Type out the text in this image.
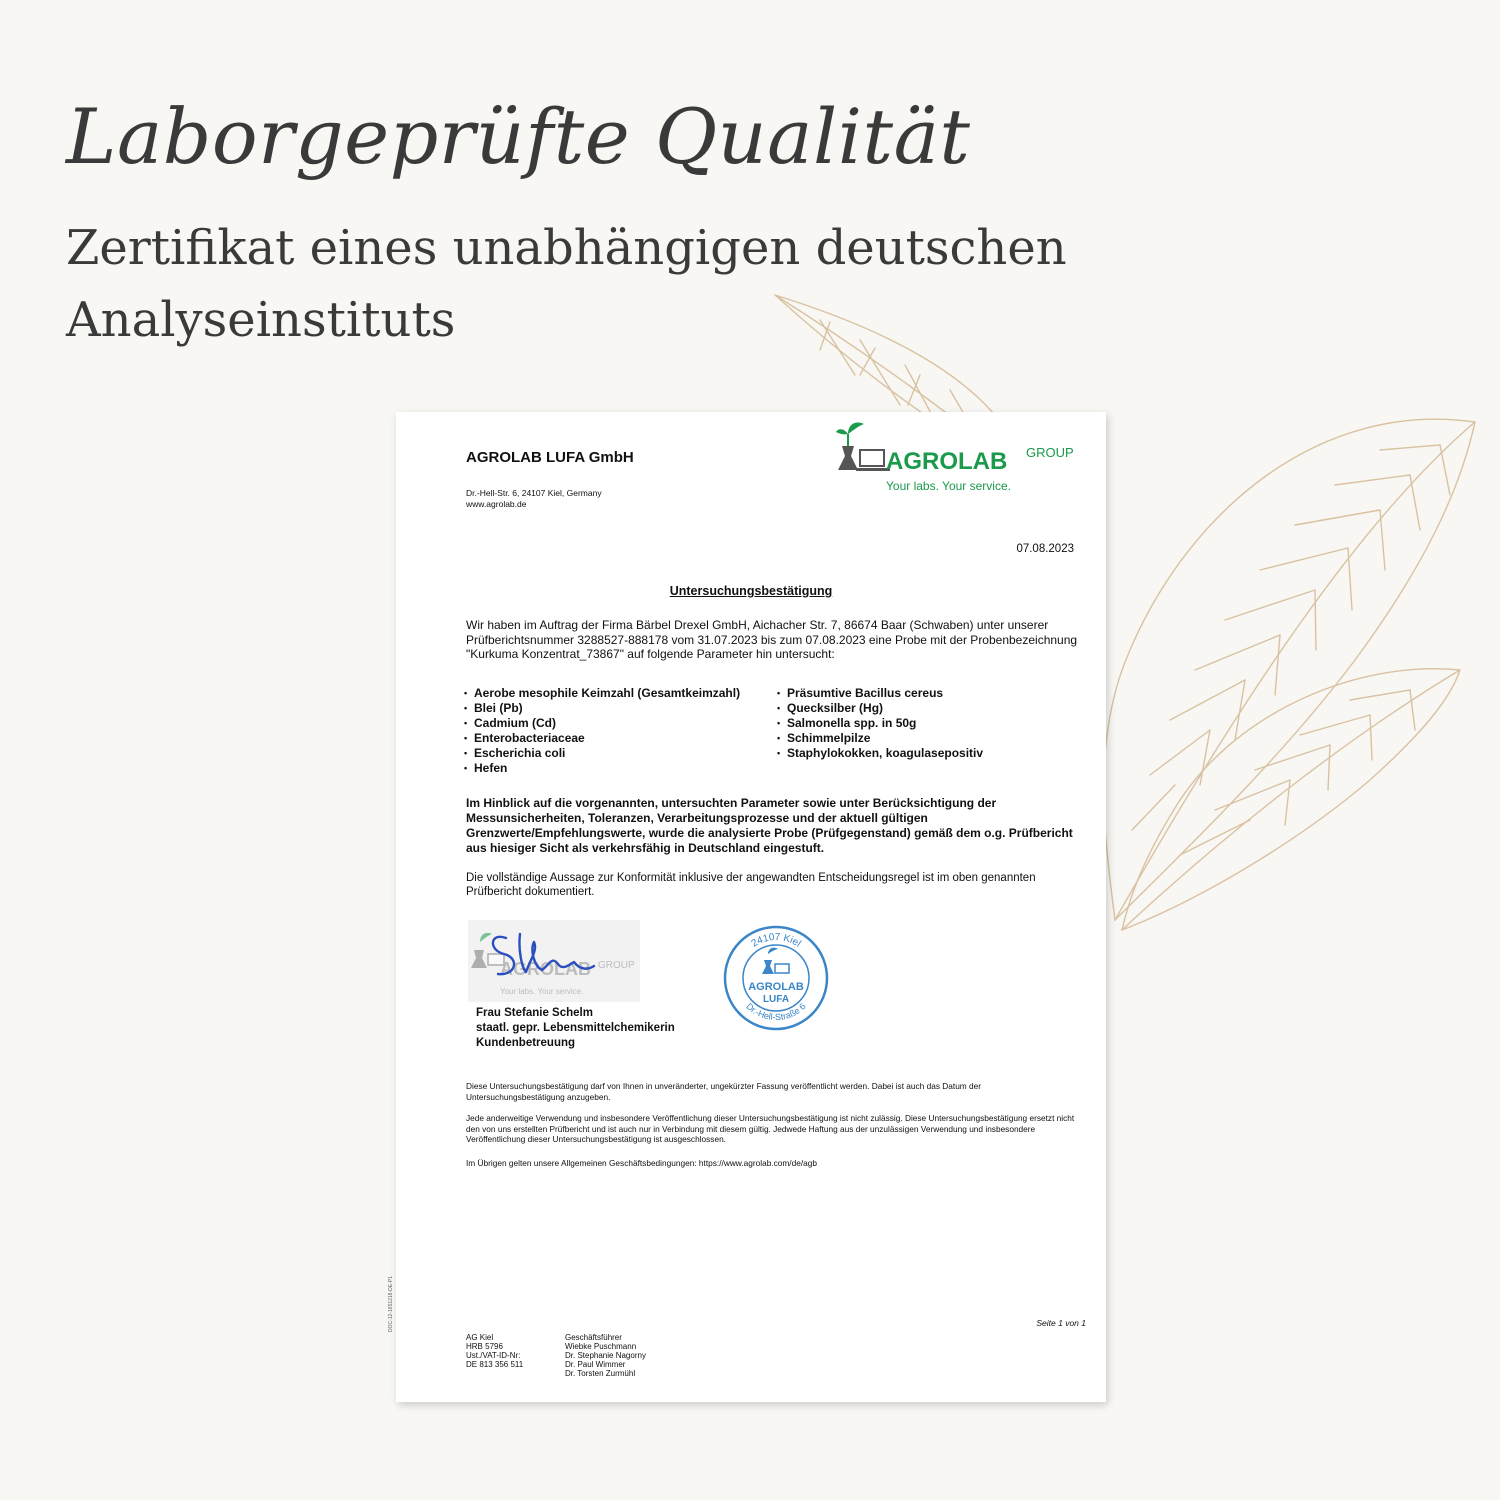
Laborgeprüfte Qualität

Zertifikat eines unabhängigen deutschen Analyseinstituts

AGROLAB LUFA GmbH
Dr.-Hell-Str. 6, 24107 Kiel, Germany
www.agrolab.de
AGROLAB GROUP
Your labs. Your service.
07.08.2023
Untersuchungsbestätigung
Wir haben im Auftrag der Firma Bärbel Drexel GmbH, Aichacher Str. 7, 86674 Baar (Schwaben) unter unserer Prüfberichtsnummer 3288527-888178 vom 31.07.2023 bis zum 07.08.2023 eine Probe mit der Probenbezeichnung "Kurkuma Konzentrat_73867" auf folgende Parameter hin untersucht:
• Aerobe mesophile Keimzahl (Gesamtkeimzahl)
• Blei (Pb)
• Cadmium (Cd)
• Enterobacteriaceae
• Escherichia coli
• Hefen
• Präsumtive Bacillus cereus
• Quecksilber (Hg)
• Salmonella spp. in 50g
• Schimmelpilze
• Staphylokokken, koagulasepositiv
Im Hinblick auf die vorgenannten, untersuchten Parameter sowie unter Berücksichtigung der Messunsicherheiten, Toleranzen, Verarbeitungsprozesse und der aktuell gültigen Grenzwerte/Empfehlungswerte, wurde die analysierte Probe (Prüfgegenstand) gemäß dem o.g. Prüfbericht aus hiesiger Sicht als verkehrsfähig in Deutschland eingestuft.
Die vollständige Aussage zur Konformität inklusive der angewandten Entscheidungsregel ist im oben genannten Prüfbericht dokumentiert.
AGROLAB GROUP
Your labs. Your service.
Frau Stefanie Schelm
staatl. gepr. Lebensmittelchemikerin
Kundenbetreuung
24107 Kiel
Dr.-Hell-Straße 6
AGROLAB
LUFA
Diese Untersuchungsbestätigung darf von Ihnen in unveränderter, ungekürzter Fassung veröffentlicht werden. Dabei ist auch das Datum der Untersuchungsbestätigung anzugeben.
Jede anderweitige Verwendung und insbesondere Veröffentlichung dieser Untersuchungsbestätigung ist nicht zulässig. Diese Untersuchungsbestätigung ersetzt nicht den von uns erstellten Prüfbericht und ist auch nur in Verbindung mit diesem gültig. Jedwede Haftung aus der unzulässigen Verwendung und insbesondere Veröffentlichung dieser Untersuchungsbestätigung ist ausgeschlossen.
Im Übrigen gelten unsere Allgemeinen Geschäftsbedingungen: https://www.agrolab.com/de/agb
DOC-12-1651218-DE-P1	Seite 1 von 1
AG Kiel
HRB 5796
Ust./VAT-ID-Nr:
DE 813 356 511
Geschäftsführer
Wiebke Puschmann
Dr. Stephanie Nagorny
Dr. Paul Wimmer
Dr. Torsten Zurmühl
